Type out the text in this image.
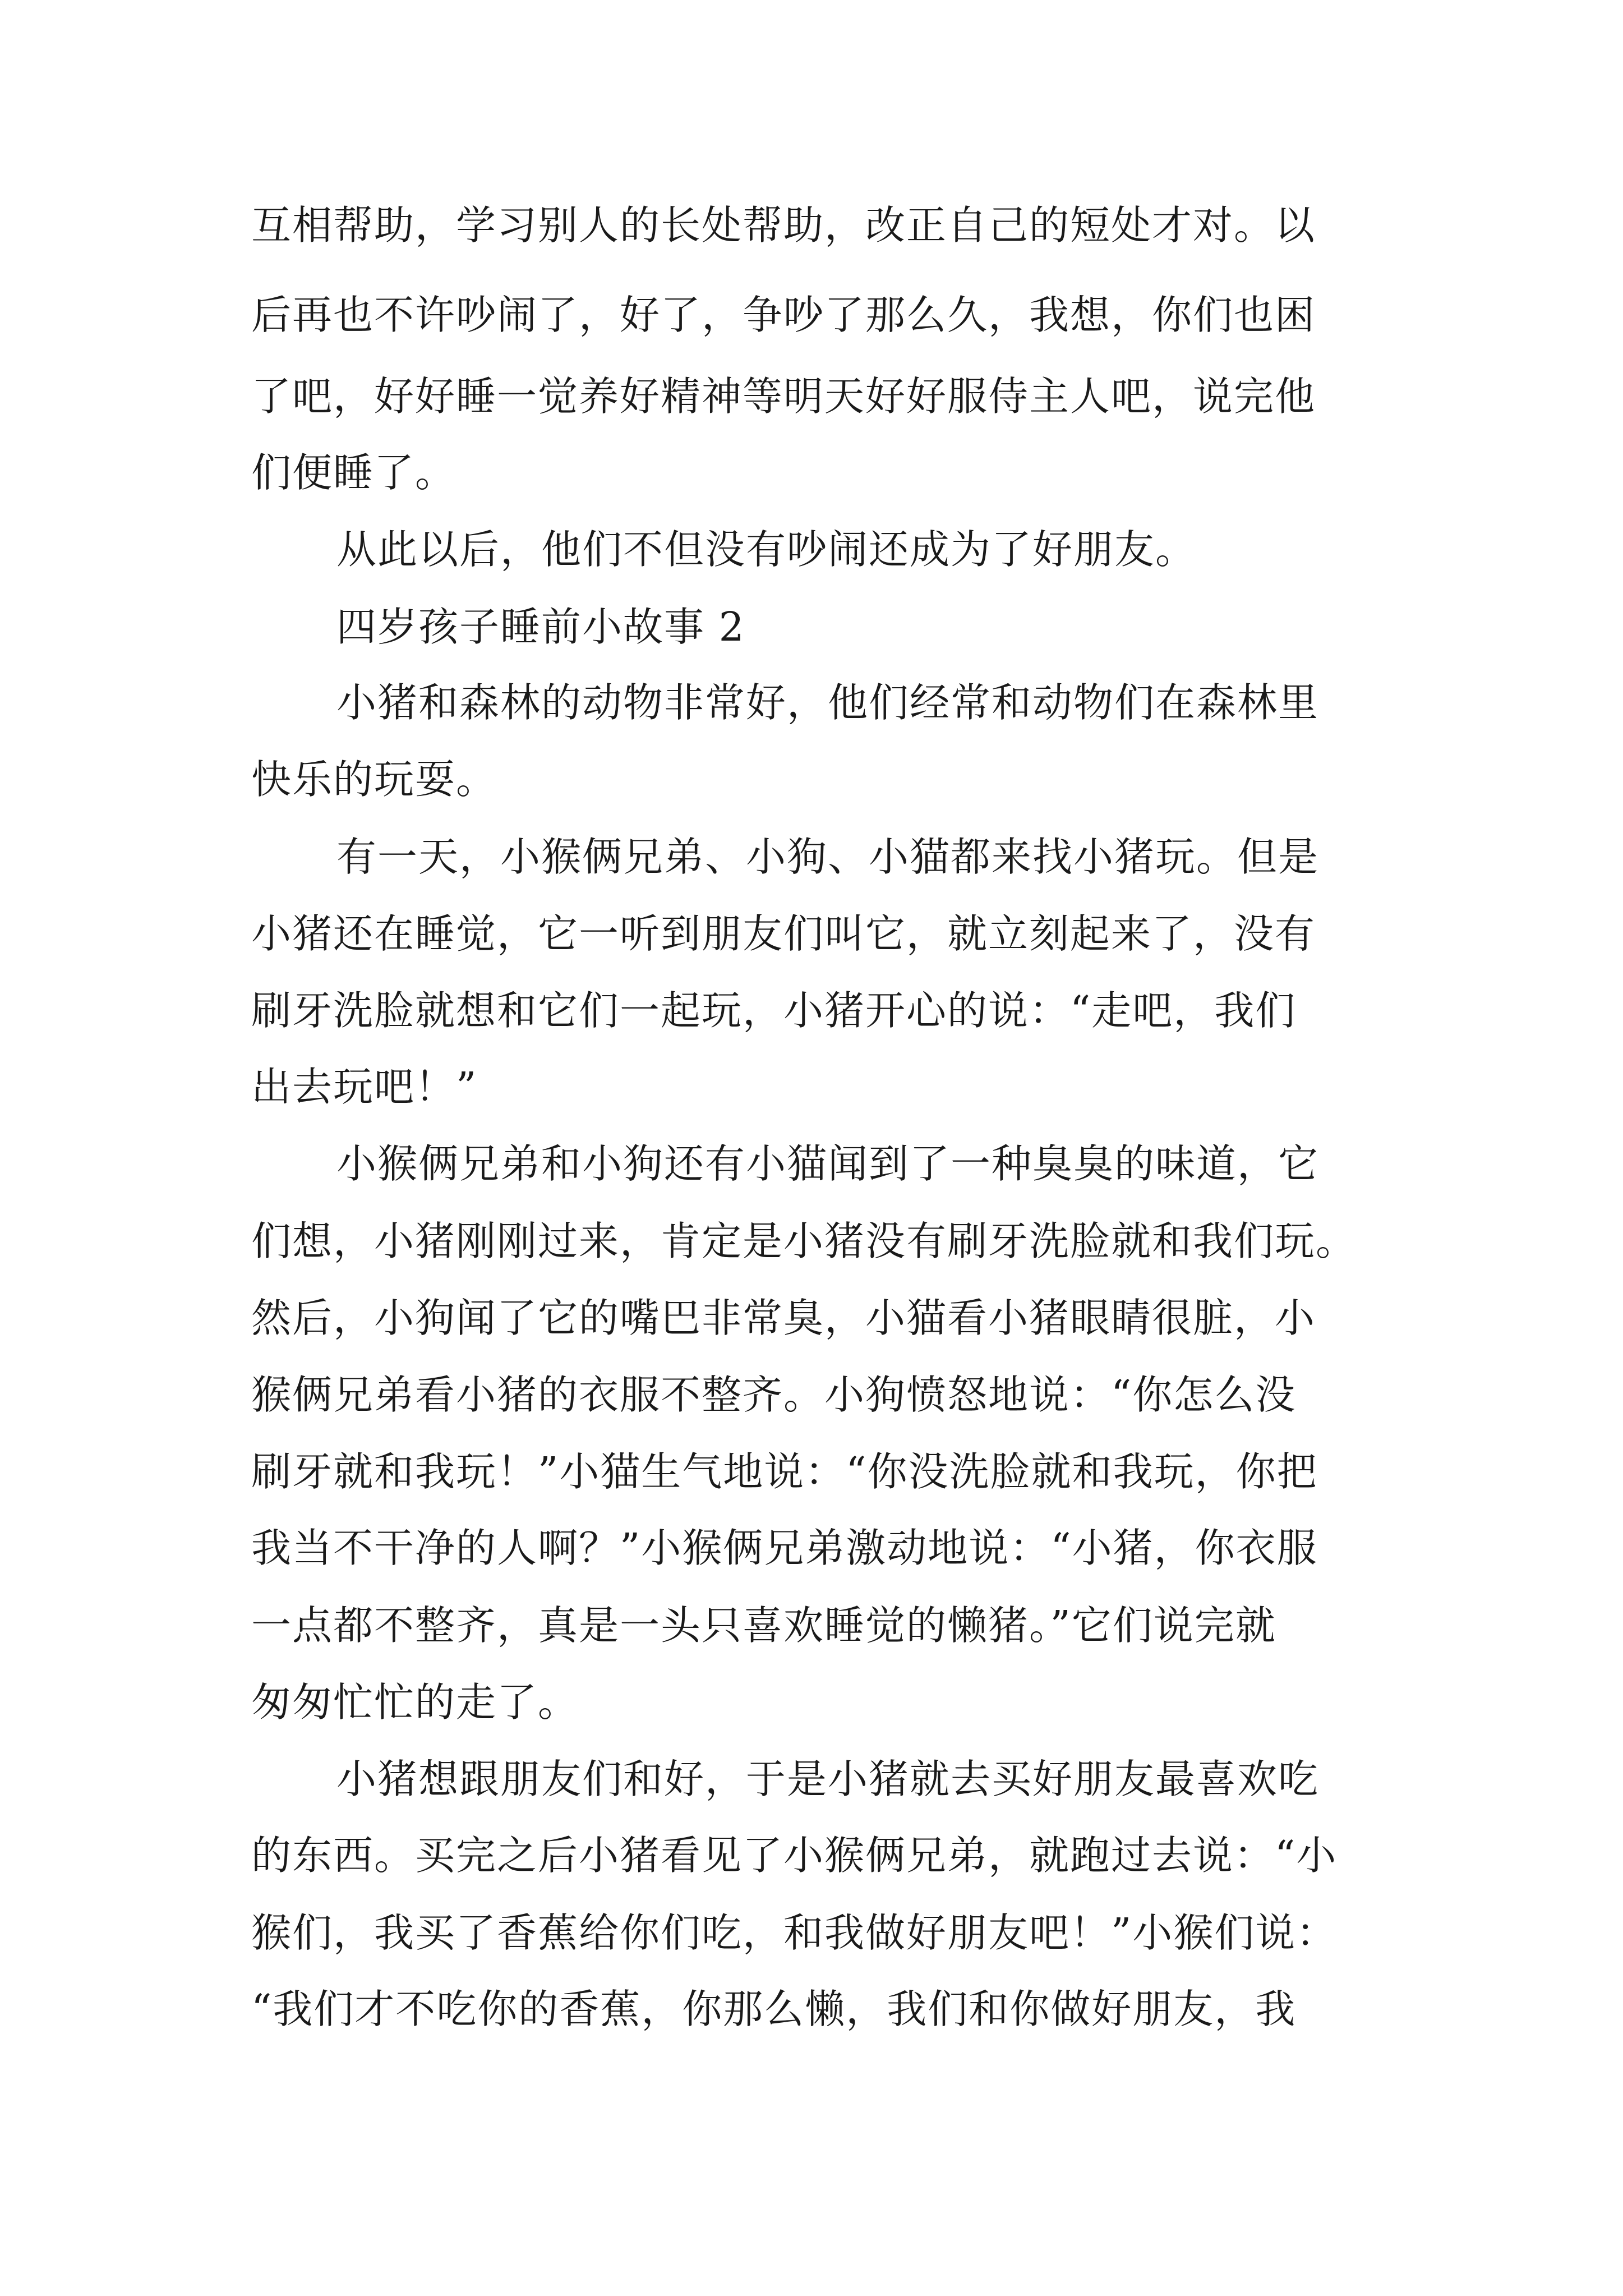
互相帮助，学习别人的长处帮助，改正自己的短处才对。以

后再也不许吵闹了，好了，争吵了那么久，我想，你们也困

了吧，好好睡一觉养好精神等明天好好服侍主人吧，说完他

们便睡了。

从此以后，他们不但没有吵闹还成为了好朋友。

四岁孩子睡前小故事 2

小猪和森林的动物非常好，他们经常和动物们在森林里

快乐的玩耍。

有一天，小猴俩兄弟、小狗、小猫都来找小猪玩。但是

小猪还在睡觉，它一听到朋友们叫它，就立刻起来了，没有

刷牙洗脸就想和它们一起玩，小猪开心的说：“走吧，我们

出去玩吧！”

小猴俩兄弟和小狗还有小猫闻到了一种臭臭的味道，它

们想，小猪刚刚过来，肯定是小猪没有刷牙洗脸就和我们玩。

然后，小狗闻了它的嘴巴非常臭，小猫看小猪眼睛很脏，小

猴俩兄弟看小猪的衣服不整齐。小狗愤怒地说：“你怎么没

刷牙就和我玩！”小猫生气地说：“你没洗脸就和我玩，你把

我当不干净的人啊？”小猴俩兄弟激动地说：“小猪，你衣服

一点都不整齐，真是一头只喜欢睡觉的懒猪。”它们说完就

匆匆忙忙的走了。

小猪想跟朋友们和好，于是小猪就去买好朋友最喜欢吃

的东西。买完之后小猪看见了小猴俩兄弟，就跑过去说：“小

猴们，我买了香蕉给你们吃，和我做好朋友吧！”小猴们说：

“我们才不吃你的香蕉，你那么懒，我们和你做好朋友，我
